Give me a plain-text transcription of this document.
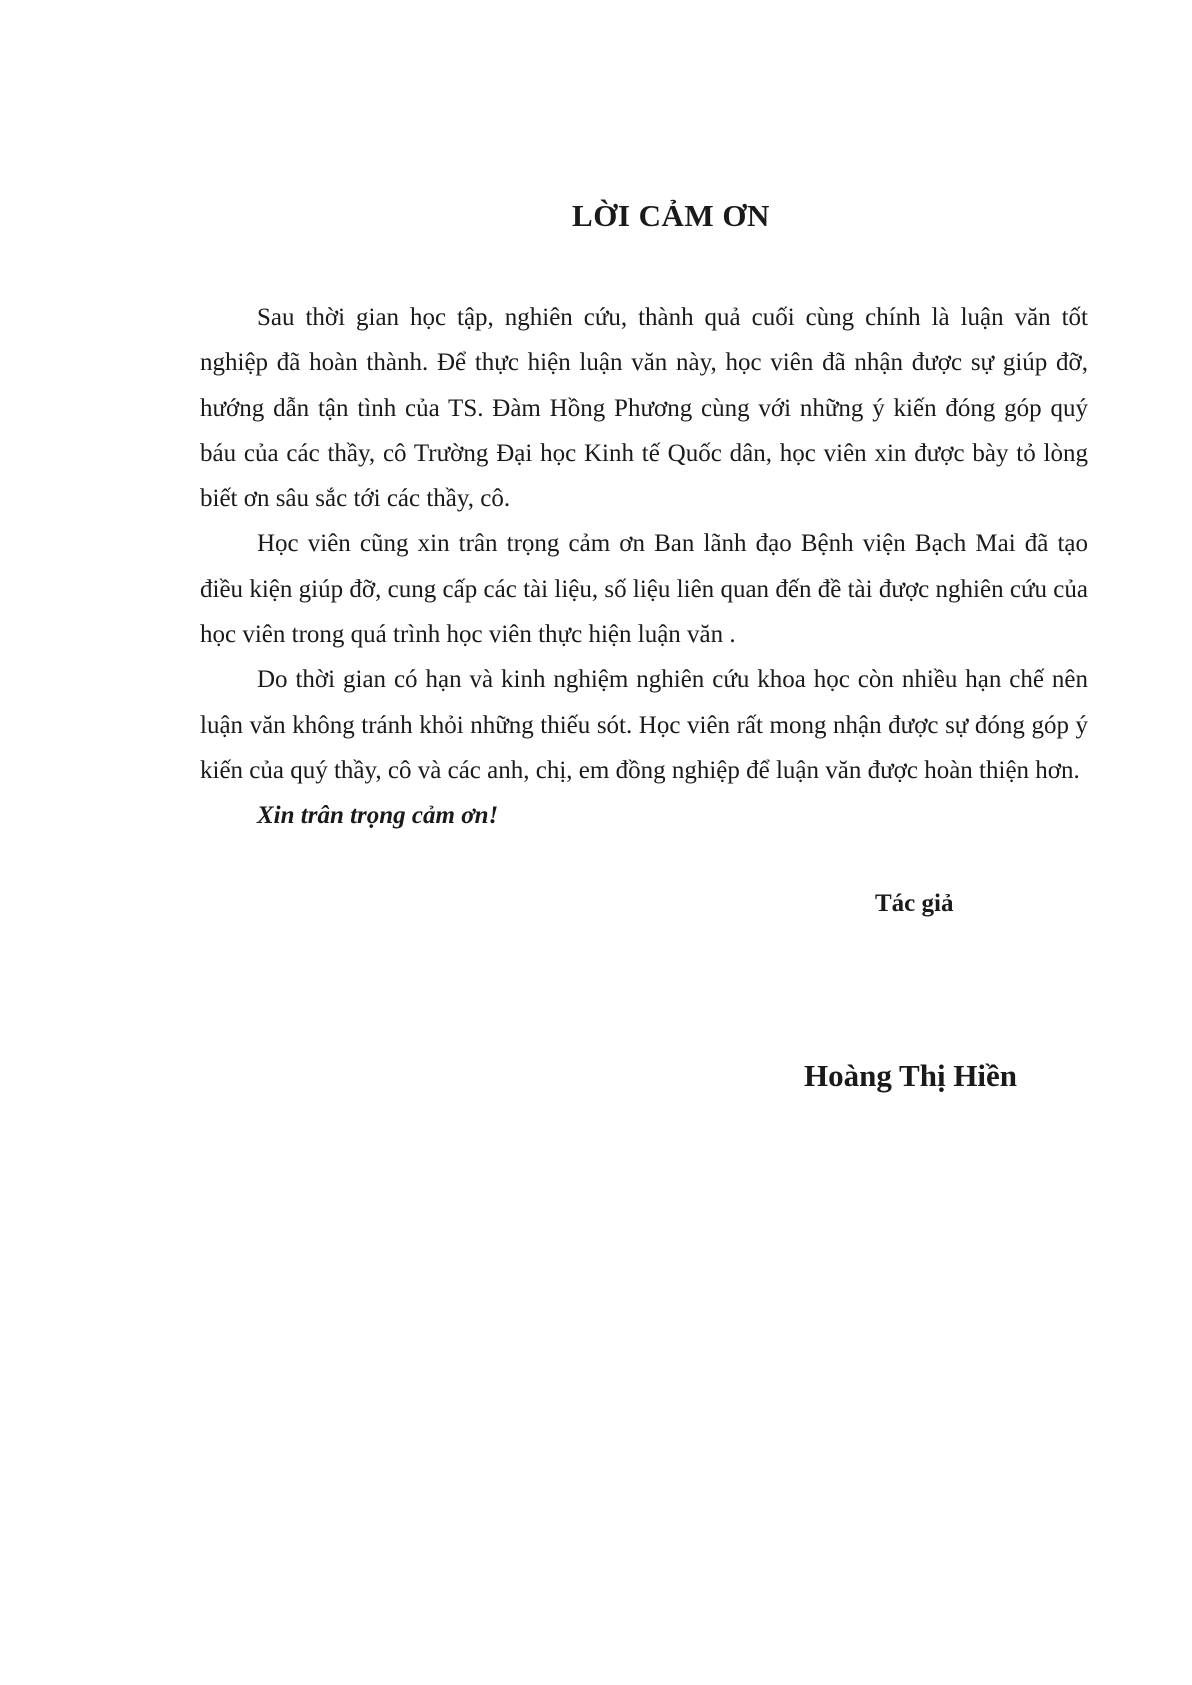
LỜI CẢM ƠN

Sau thời gian học tập, nghiên cứu, thành quả cuối cùng chính là luận văn tốt nghiệp đã hoàn thành. Để thực hiện luận văn này, học viên đã nhận được sự giúp đỡ, hướng dẫn tận tình của TS. Đàm Hồng Phương cùng với những ý kiến đóng góp quý báu của các thầy, cô Trường Đại học Kinh tế Quốc dân, học viên xin được bày tỏ lòng biết ơn sâu sắc tới các thầy, cô.

Học viên cũng xin trân trọng cảm ơn Ban lãnh đạo Bệnh viện Bạch Mai đã tạo điều kiện giúp đỡ, cung cấp các tài liệu, số liệu liên quan đến đề tài được nghiên cứu của học viên trong quá trình học viên thực hiện luận văn .

Do thời gian có hạn và kinh nghiệm nghiên cứu khoa học còn nhiều hạn chế nên luận văn không tránh khỏi những thiếu sót. Học viên rất mong nhận được sự đóng góp ý kiến của quý thầy, cô và các anh, chị, em đồng nghiệp để luận văn được hoàn thiện hơn.

Xin trân trọng cảm ơn!

Tác giả
Hoàng Thị Hiền
